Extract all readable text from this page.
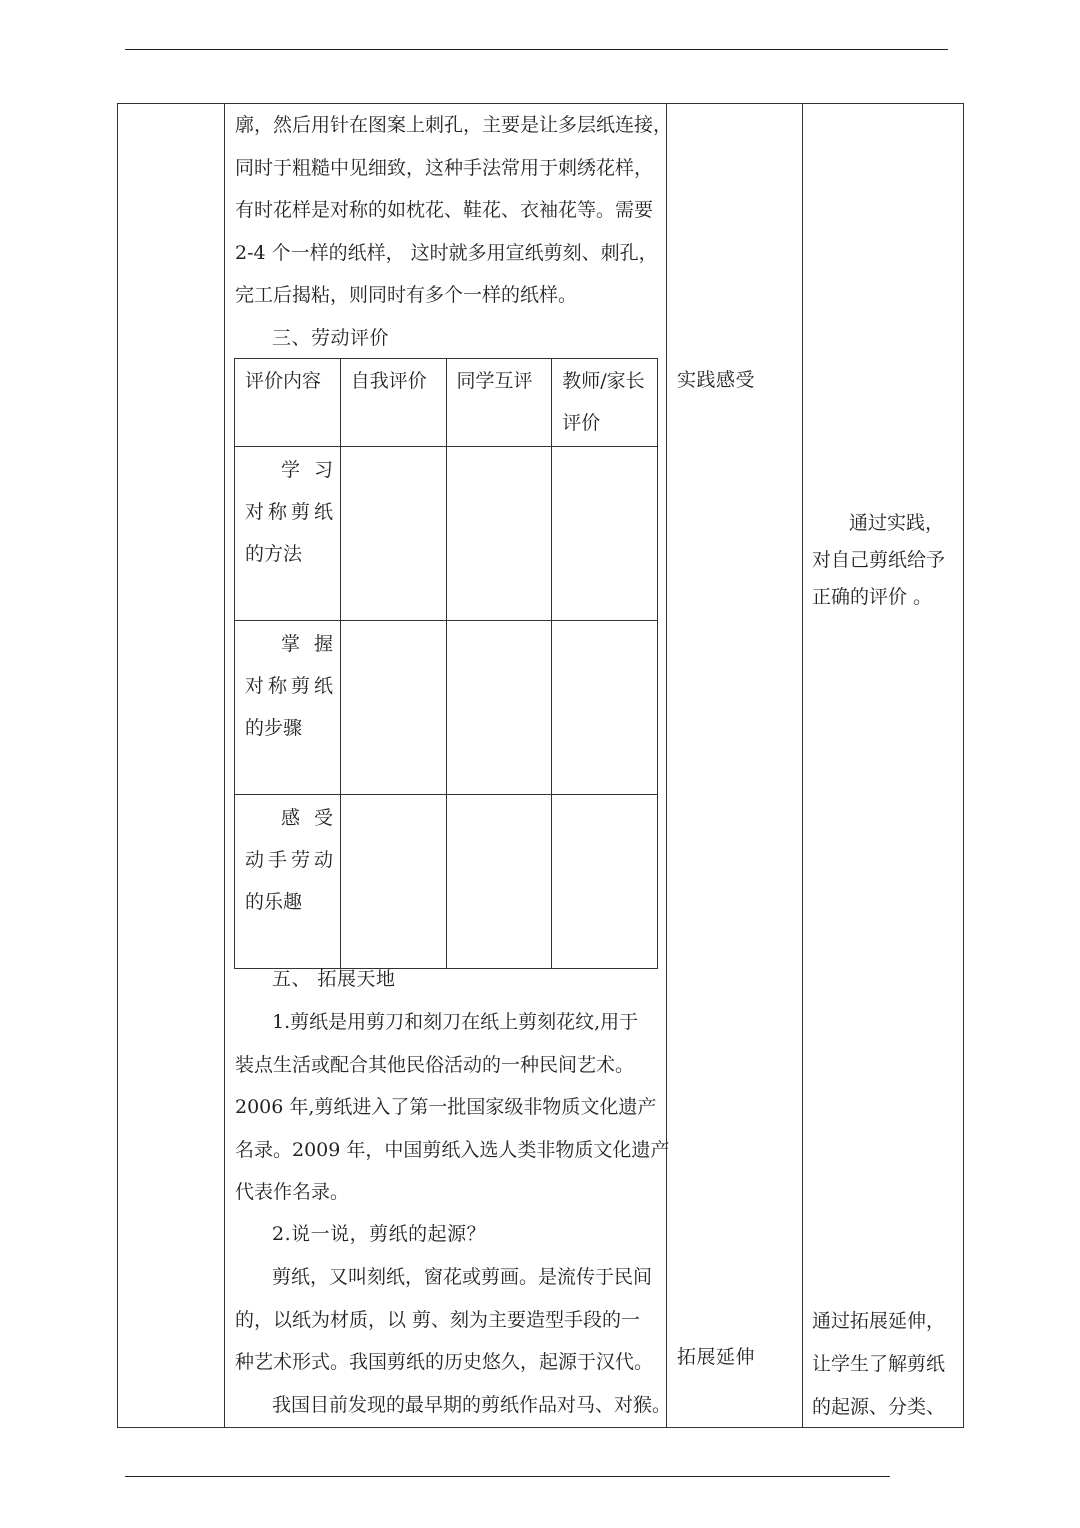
廓，然后用针在图案上刺孔，主要是让多层纸连接，
同时于粗糙中见细致，这种手法常用于刺绣花样，
有时花样是对称的如枕花、鞋花、衣袖花等。需要
2-4 个一样的纸样， 这时就多用宣纸剪刻、刺孔，
完工后揭粘，则同时有多个一样的纸样。
三、劳动评价
评价内容	自我评价	同学互评	教师/家长
评价

学 习
对称剪纸
的方法			

掌 握
对称剪纸
的步骤			

感 受
动手劳动
的乐趣			

五、 拓展天地
1.剪纸是用剪刀和刻刀在纸上剪刻花纹,用于
装点生活或配合其他民俗活动的一种民间艺术。
2006 年,剪纸进入了第一批国家级非物质文化遗产
名录。2009 年，中国剪纸入选人类非物质文化遗产
代表作名录。
2.说一说，剪纸的起源？
剪纸，又叫刻纸，窗花或剪画。是流传于民间
的，以纸为材质，以 剪、刻为主要造型手段的一
种艺术形式。我国剪纸的历史悠久，起源于汉代。
我国目前发现的最早期的剪纸作品对马、对猴。
实践感受
拓展延伸
通过实践，
对自己剪纸给予
正确的评价 。
通过拓展延伸，
让学生了解剪纸
的起源、分类、
